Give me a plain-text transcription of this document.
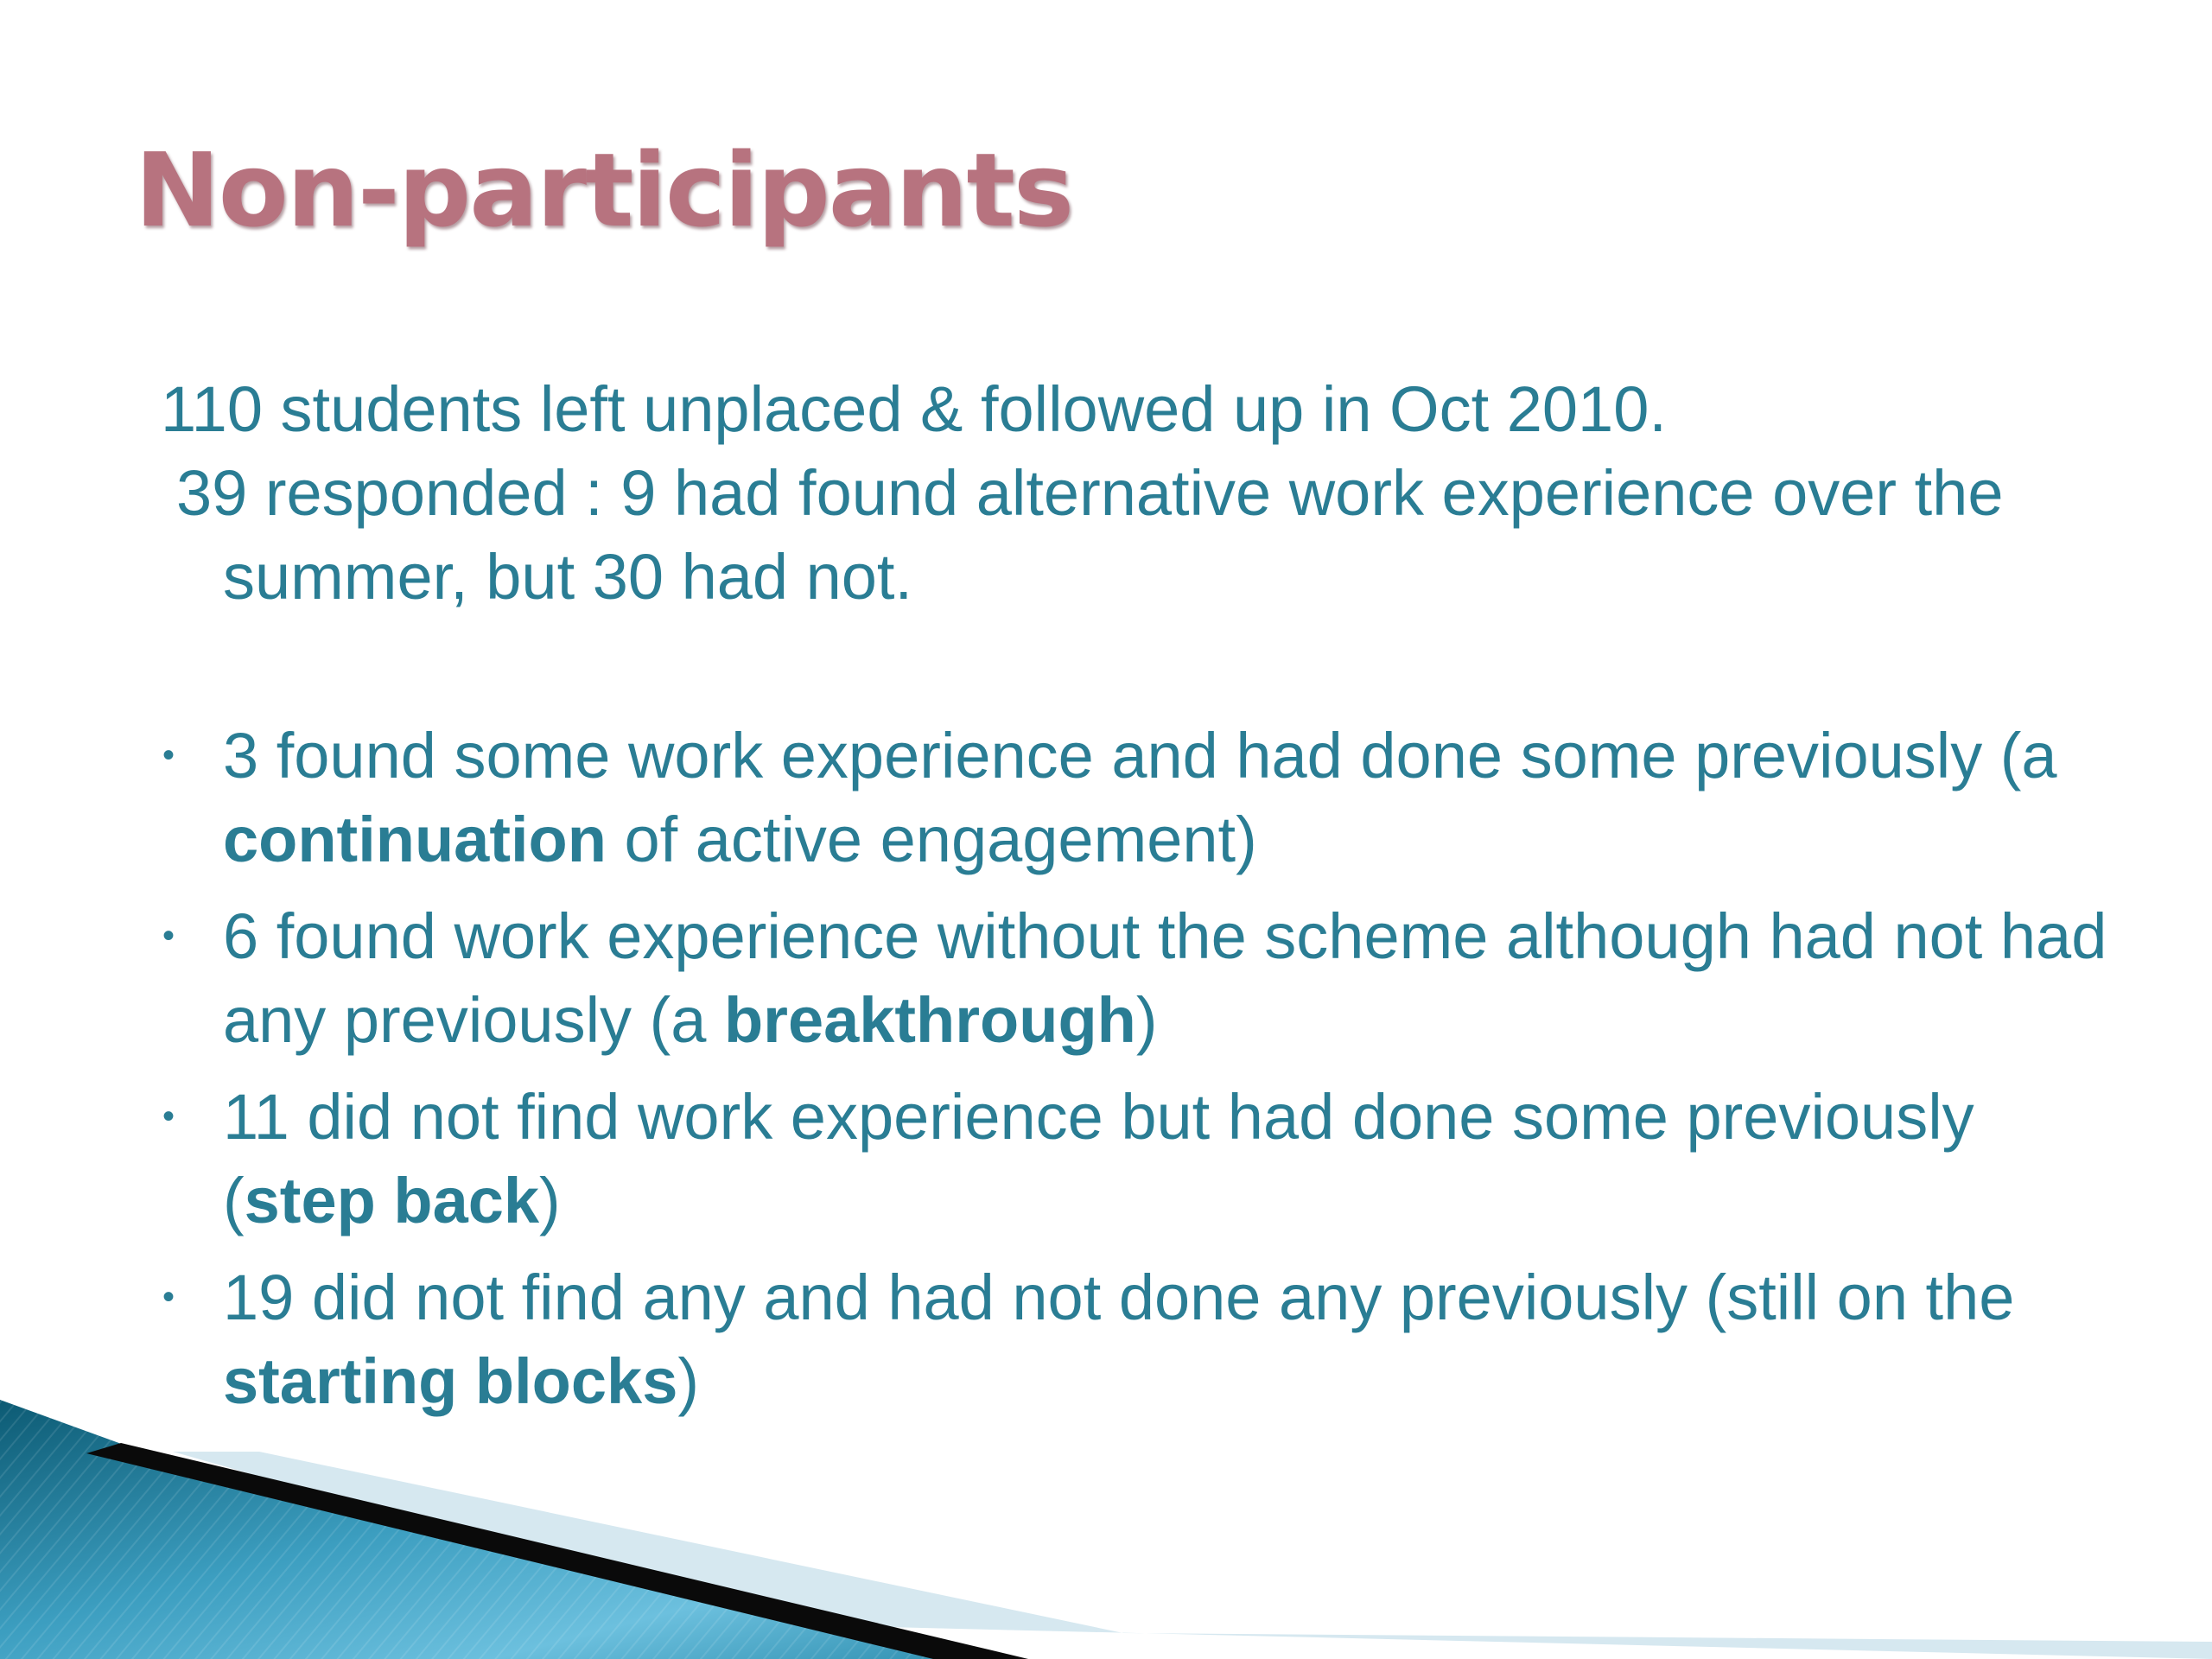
Non-participants

110 students left unplaced & followed up in Oct 2010.

39 responded : 9 had found alternative work experience over the summer, but 30 had not.

• 3 found some work experience and had done some previously (a continuation of active engagement)
• 6 found work experience without the scheme although had not had any previously (a breakthrough)
• 11 did not find work experience but had done some previously (step back)
• 19 did not find any and had not done any previously (still on the starting blocks)
